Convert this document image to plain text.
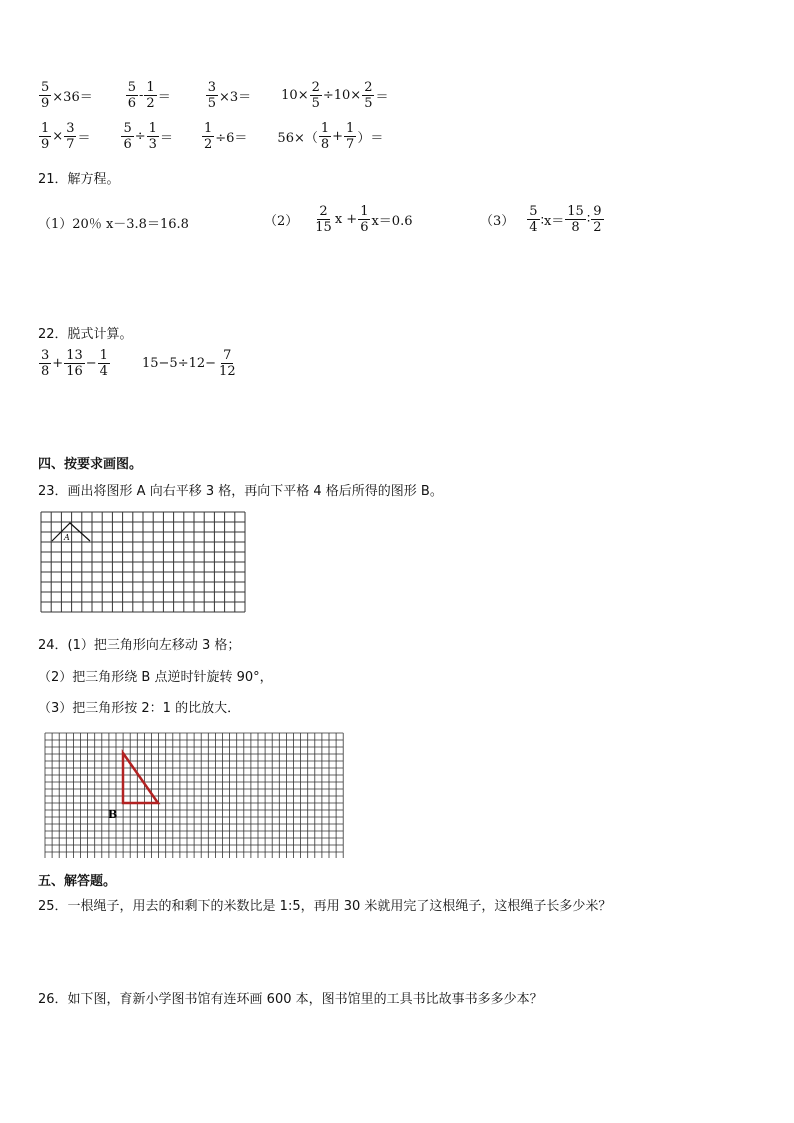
$\frac{5}{9} \times 36=$	$\frac{5}{6} - \frac{1}{2}$ ＝	$\frac{3}{5} \times 3= 10\times \frac{2}{5} \div 10\times \frac{2}{5}$ ＝
$\frac{1}{9} \times \frac{3}{7} = \frac{5}{6} \div \frac{1}{3} = \frac{1}{2} \div 6= 56\times( \frac{1}{8} + \frac{1}{7}$ ）＝
21．解方程。
（1）20％ x－3.8＝16.8	$(2) \frac{2}{15}$ $x + \frac{1}{6} x=0.6$	$(3) \frac{5}{4}$ ∶x＝ $\frac{15}{8}$ ∶ $\frac{9}{2}$
22．脱式计算。
$\frac{3}{8} + \frac{13}{16} - \frac{1}{4} 15-5\div 12- \frac{7}{12}$
四、按要求画图。
23．画出将图形 A 向右平移 3 格，再向下平格 4 格后所得的图形 B。
A
24．(1）把三角形向左移动 3 格；
（2）把三角形绕 B 点逆时针旋转 90°，
（3）把三角形按 2：1 的比放大．
B
五、解答题。
25．一根绳子，用去的和剩下的米数比是 1:5，再用 30 米就用完了这根绳子，这根绳子长多少米？
26．如下图，育新小学图书馆有连环画 600 本，图书馆里的工具书比故事书多多少本？
